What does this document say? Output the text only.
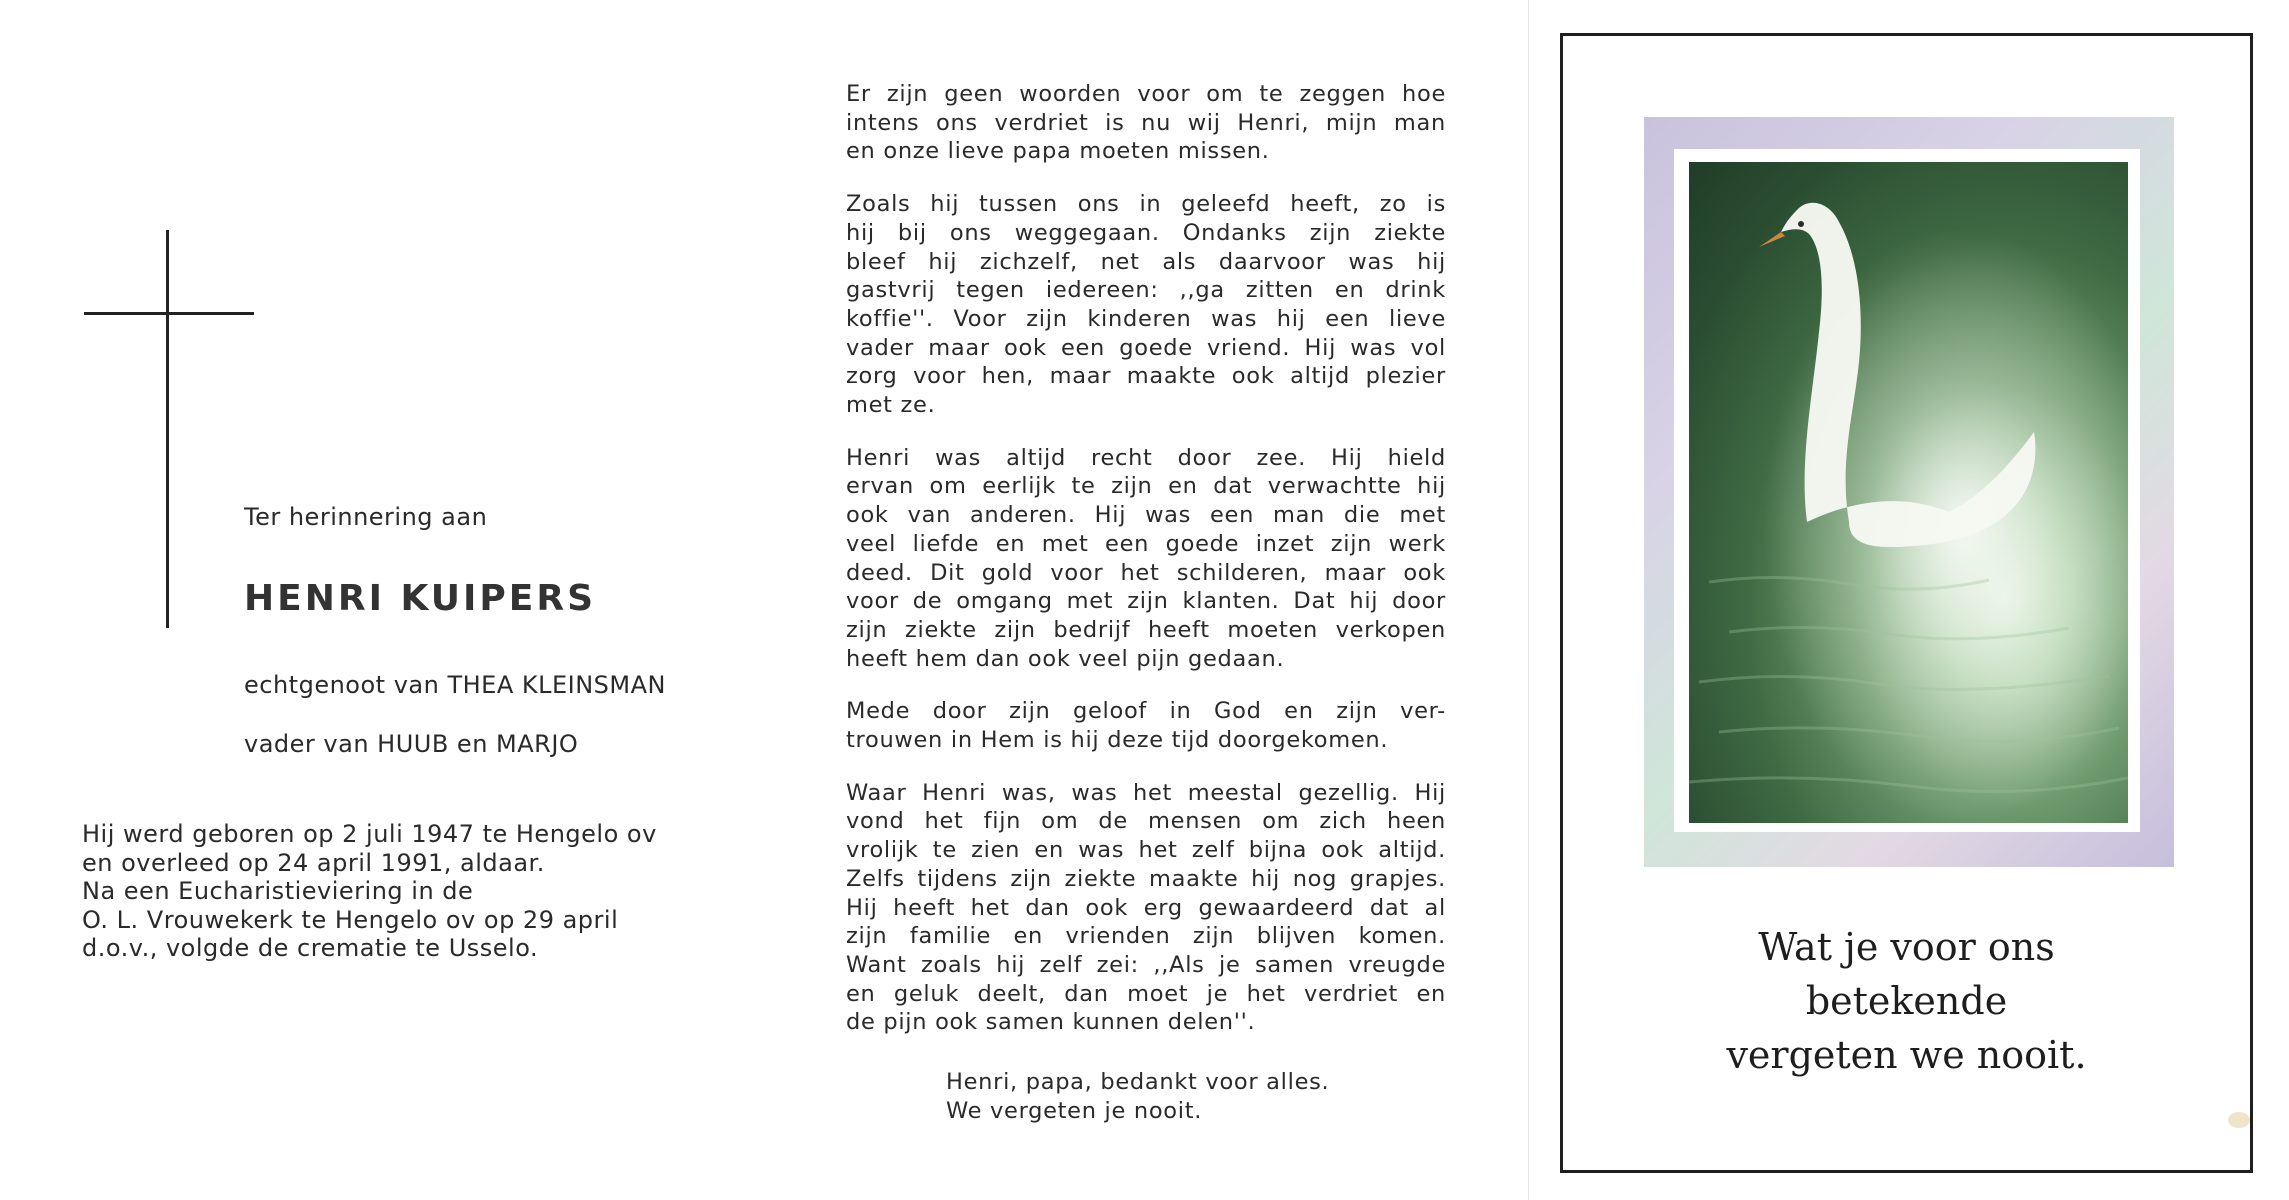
Ter herinnering aan
HENRI KUIPERS
echtgenoot van THEA KLEINSMAN
vader van HUUB en MARJO
Hij werd geboren op 2 juli 1947 te Hengelo ov
en overleed op 24 april 1991, aldaar.
Na een Eucharistieviering in de
O. L. Vrouwekerk te Hengelo ov op 29 april
d.o.v., volgde de crematie te Usselo.
Er zijn geen woorden voor om te zeggen hoe
intens ons verdriet is nu wij Henri, mijn man
en onze lieve papa moeten missen.
Zoals hij tussen ons in geleefd heeft, zo is
hij bij ons weggegaan. Ondanks zijn ziekte
bleef hij zichzelf, net als daarvoor was hij
gastvrij tegen iedereen: ,,ga zitten en drink
koffie''. Voor zijn kinderen was hij een lieve
vader maar ook een goede vriend. Hij was vol
zorg voor hen, maar maakte ook altijd plezier
met ze.
Henri was altijd recht door zee. Hij hield
ervan om eerlijk te zijn en dat verwachtte hij
ook van anderen. Hij was een man die met
veel liefde en met een goede inzet zijn werk
deed. Dit gold voor het schilderen, maar ook
voor de omgang met zijn klanten. Dat hij door
zijn ziekte zijn bedrijf heeft moeten verkopen
heeft hem dan ook veel pijn gedaan.
Mede door zijn geloof in God en zijn ver-
trouwen in Hem is hij deze tijd doorgekomen.
Waar Henri was, was het meestal gezellig. Hij
vond het fijn om de mensen om zich heen
vrolijk te zien en was het zelf bijna ook altijd.
Zelfs tijdens zijn ziekte maakte hij nog grapjes.
Hij heeft het dan ook erg gewaardeerd dat al
zijn familie en vrienden zijn blijven komen.
Want zoals hij zelf zei: ,,Als je samen vreugde
en geluk deelt, dan moet je het verdriet en
de pijn ook samen kunnen delen''.
Henri, papa, bedankt voor alles.
We vergeten je nooit.
Wat je voor ons
betekende
vergeten we nooit.
